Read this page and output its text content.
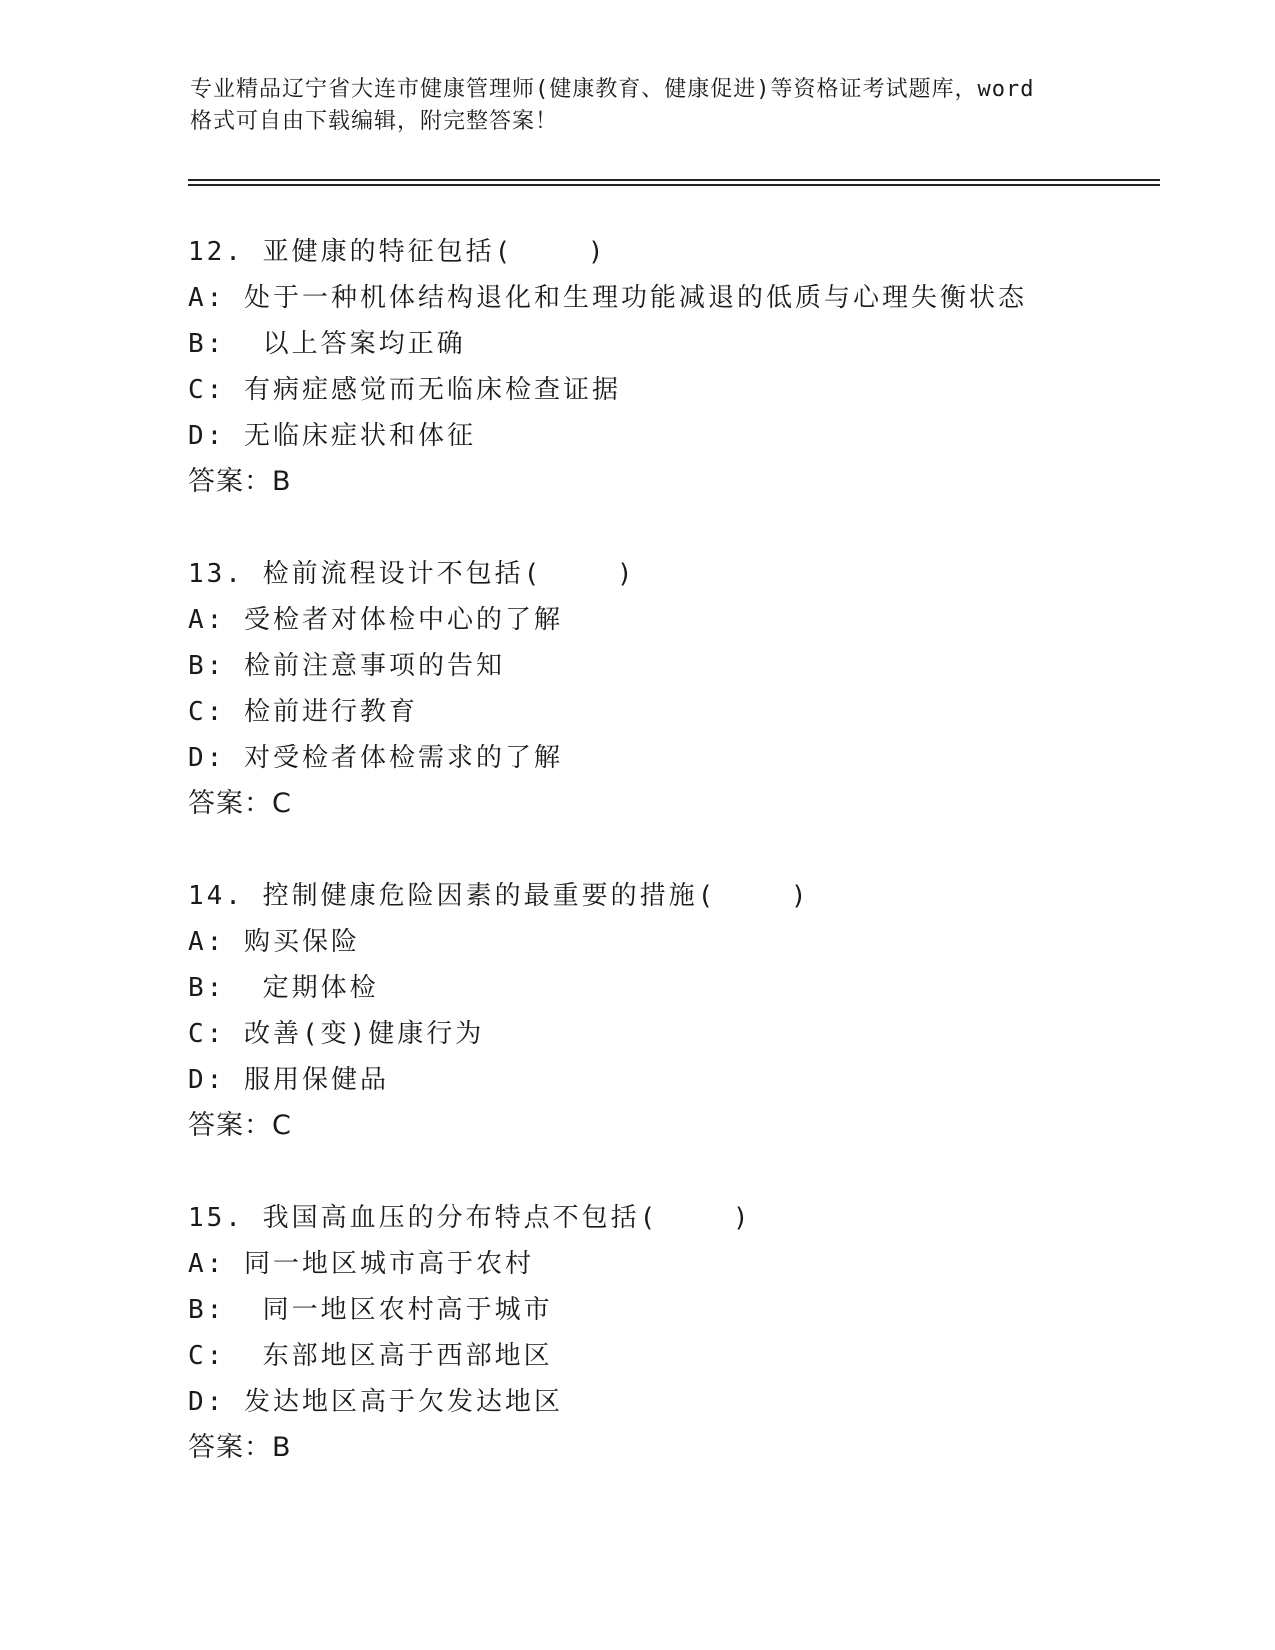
专业精品辽宁省大连市健康管理师(健康教育、健康促进)等资格证考试题库，word
格式可自由下载编辑，附完整答案！
12. 亚健康的特征包括(    )
A: 处于一种机体结构退化和生理功能减退的低质与心理失衡状态
B:  以上答案均正确
C: 有病症感觉而无临床检查证据
D: 无临床症状和体征
答案：B
13. 检前流程设计不包括(    )
A: 受检者对体检中心的了解
B: 检前注意事项的告知
C: 检前进行教育
D: 对受检者体检需求的了解
答案：C
14. 控制健康危险因素的最重要的措施(    )
A: 购买保险
B:  定期体检
C: 改善(变)健康行为
D: 服用保健品
答案：C
15. 我国高血压的分布特点不包括(    )
A: 同一地区城市高于农村
B:  同一地区农村高于城市
C:  东部地区高于西部地区
D: 发达地区高于欠发达地区
答案：B
